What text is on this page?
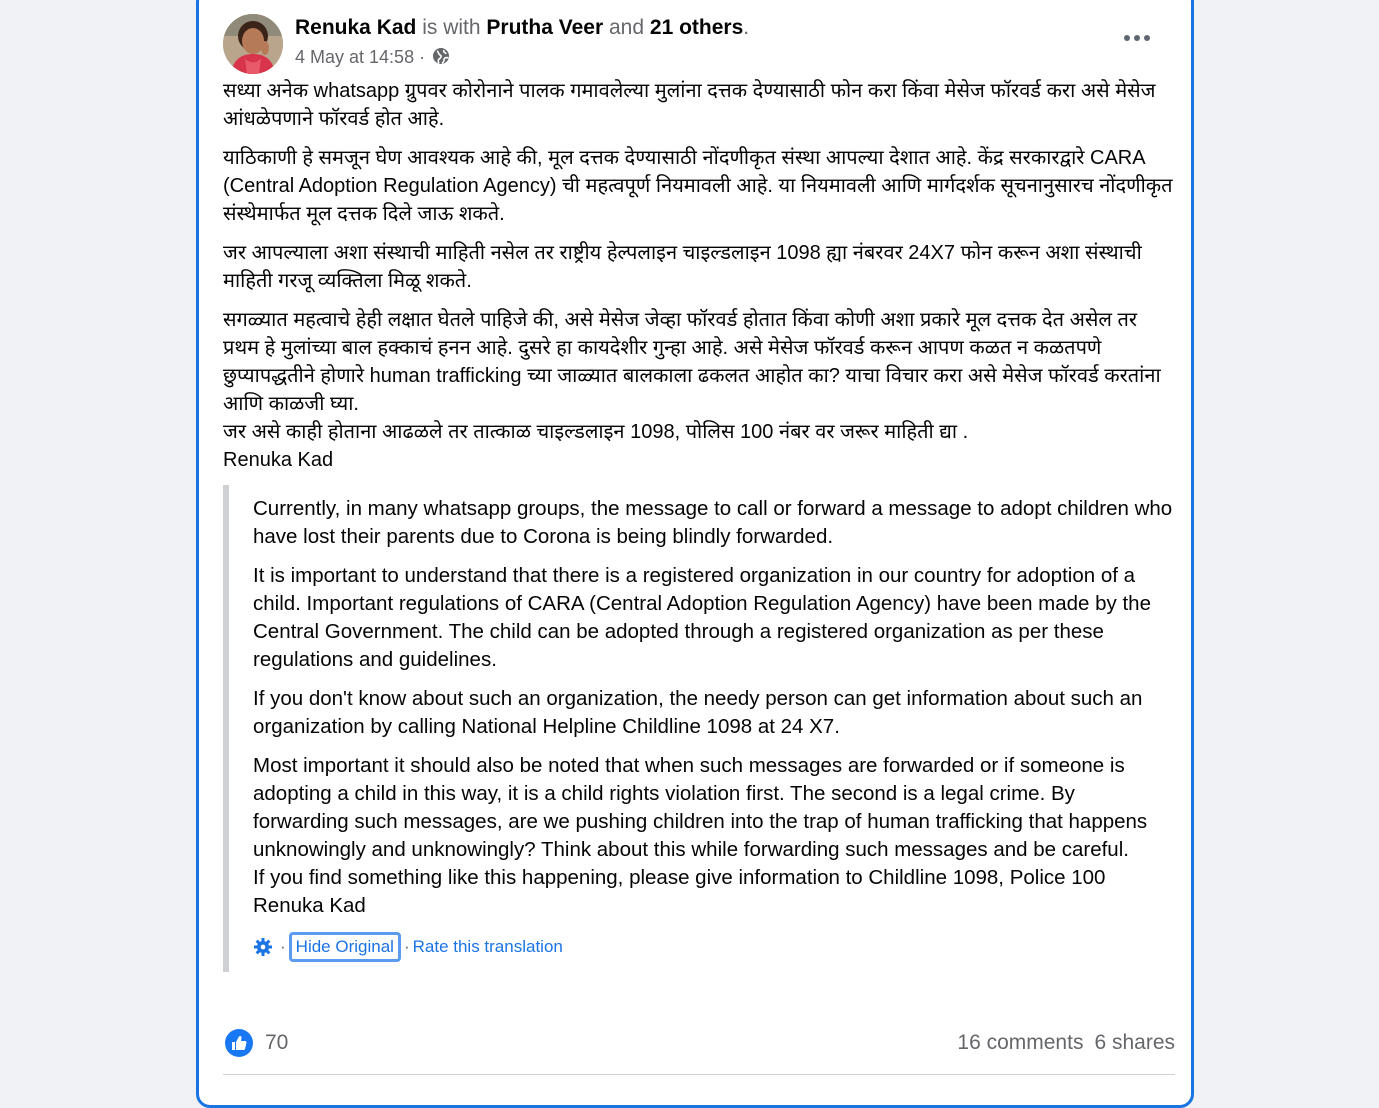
Renuka Kad is with Prutha Veer and 21 others.
4 May at 14:58 ·

सध्या अनेक whatsapp ग्रुपवर कोरोनाने पालक गमावलेल्या मुलांना दत्तक देण्यासाठी फोन करा किंवा मेसेज फॉरवर्ड करा असे मेसेज आंधळेपणाने फॉरवर्ड होत आहे.

याठिकाणी हे समजून घेण आवश्यक आहे की, मूल दत्तक देण्यासाठी नोंदणीकृत संस्था आपल्या देशात आहे. केंद्र सरकारद्वारे CARA (Central Adoption Regulation Agency) ची महत्वपूर्ण नियमावली आहे. या नियमावली आणि मार्गदर्शक सूचनानुसारच नोंदणीकृत संस्थेमार्फत मूल दत्तक दिले जाऊ शकते.

जर आपल्याला अशा संस्थाची माहिती नसेल तर राष्ट्रीय हेल्पलाइन चाइल्डलाइन 1098 ह्या नंबरवर 24X7 फोन करून अशा संस्थाची माहिती गरजू व्यक्तिला मिळू शकते.

सगळ्यात महत्वाचे हेही लक्षात घेतले पाहिजे की, असे मेसेज जेव्हा फॉरवर्ड होतात किंवा कोणी अशा प्रकारे मूल दत्तक देत असेल तर प्रथम हे मुलांच्या बाल हक्काचं हनन आहे. दुसरे हा कायदेशीर गुन्हा आहे. असे मेसेज फॉरवर्ड करून आपण कळत न कळतपणे छुप्यापद्धतीने होणारे human trafficking च्या जाळ्यात बालकाला ढकलत आहोत का? याचा विचार करा असे मेसेज फॉरवर्ड करतांना आणि काळजी घ्या.

जर असे काही होताना आढळले तर तात्काळ चाइल्डलाइन 1098, पोलिस 100 नंबर वर जरूर माहिती द्या .

Renuka Kad

Currently, in many whatsapp groups, the message to call or forward a message to adopt children who have lost their parents due to Corona is being blindly forwarded.

It is important to understand that there is a registered organization in our country for adoption of a child. Important regulations of CARA (Central Adoption Regulation Agency) have been made by the Central Government. The child can be adopted through a registered organization as per these regulations and guidelines.

If you don't know about such an organization, the needy person can get information about such an organization by calling National Helpline Childline 1098 at 24 X7.

Most important it should also be noted that when such messages are forwarded or if someone is adopting a child in this way, it is a child rights violation first. The second is a legal crime. By forwarding such messages, are we pushing children into the trap of human trafficking that happens unknowingly and unknowingly? Think about this while forwarding such messages and be careful.

If you find something like this happening, please give information to Childline 1098, Police 100

Renuka Kad

· Hide Original · Rate this translation
70	16 comments 6 shares
